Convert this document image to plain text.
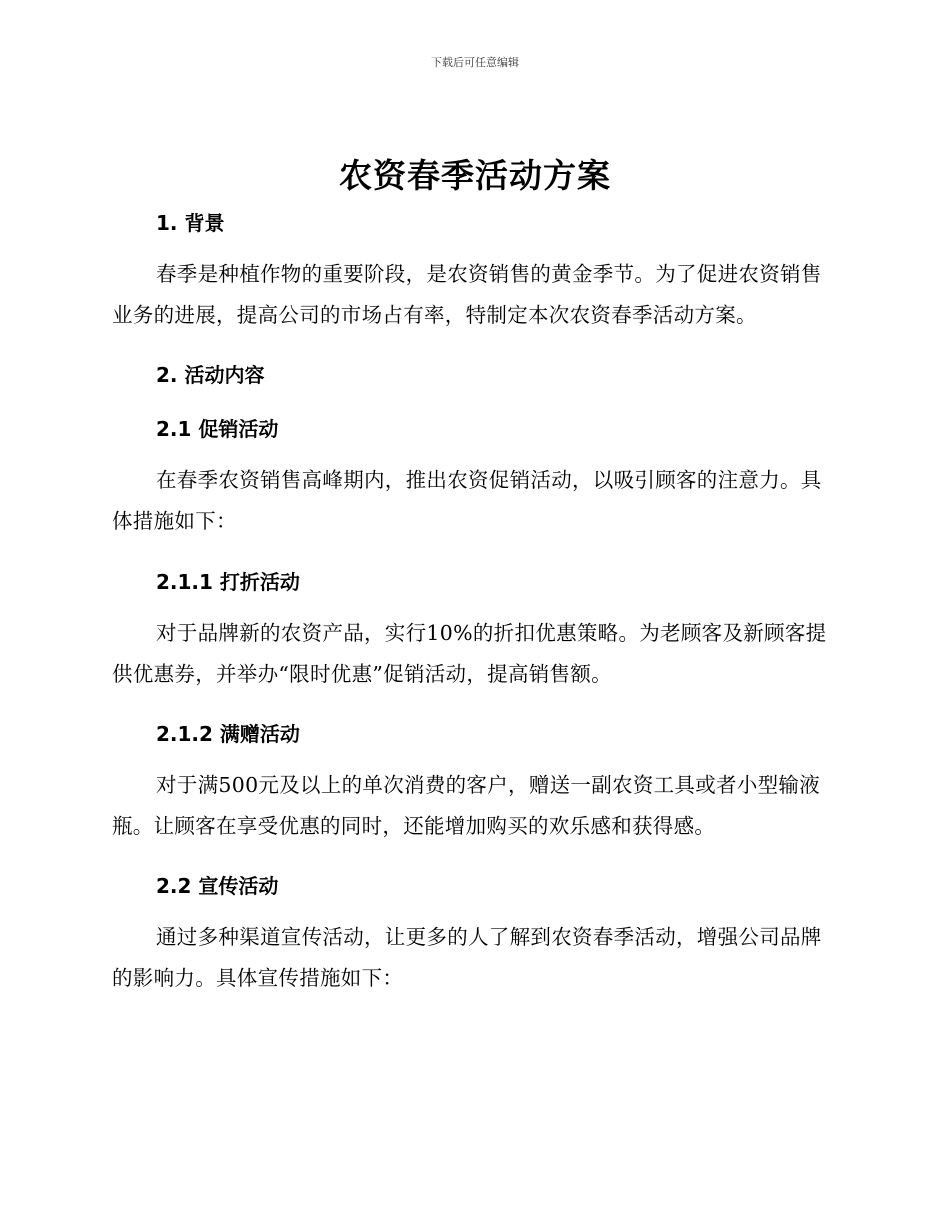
下载后可任意编辑
农资春季活动方案
1. 背景
春季是种植作物的重要阶段，是农资销售的黄金季节。为了促进农资销售业务的进展，提高公司的市场占有率，特制定本次农资春季活动方案。
2. 活动内容
2.1 促销活动
在春季农资销售高峰期内，推出农资促销活动，以吸引顾客的注意力。具体措施如下：
2.1.1 打折活动
对于品牌新的农资产品，实行10%的折扣优惠策略。为老顾客及新顾客提供优惠券，并举办“限时优惠”促销活动，提高销售额。
2.1.2 满赠活动
对于满500元及以上的单次消费的客户，赠送一副农资工具或者小型输液瓶。让顾客在享受优惠的同时，还能增加购买的欢乐感和获得感。
2.2 宣传活动
通过多种渠道宣传活动，让更多的人了解到农资春季活动，增强公司品牌的影响力。具体宣传措施如下：
